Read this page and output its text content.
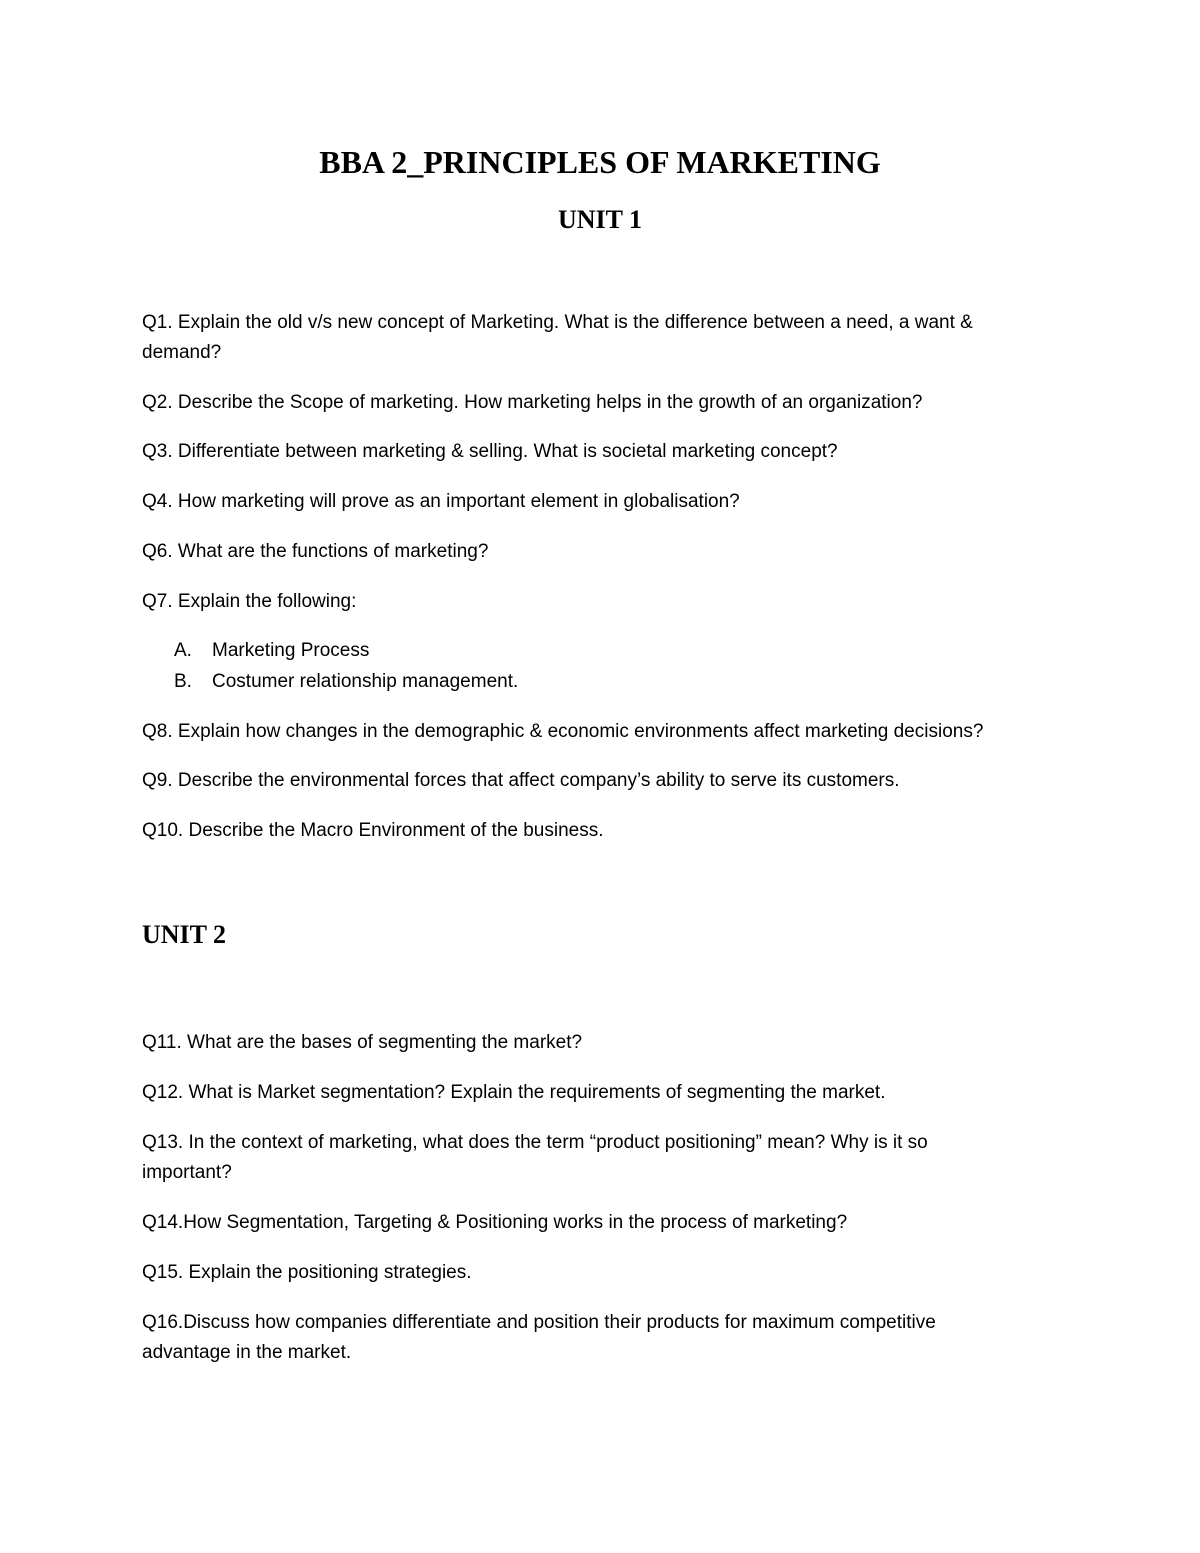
BBA 2_PRINCIPLES OF MARKETING
UNIT 1

Q1. Explain the old v/s new concept of Marketing. What is the difference between a need, a want & demand?

Q2. Describe the Scope of marketing. How marketing helps in the growth of an organization?

Q3. Differentiate between marketing & selling. What is societal marketing concept?

Q4. How marketing will prove as an important element in globalisation?

Q6. What are the functions of marketing?

Q7. Explain the following:

A. Marketing Process
B. Costumer relationship management.

Q8. Explain how changes in the demographic & economic environments affect marketing decisions?

Q9. Describe the environmental forces that affect company’s ability to serve its customers.

Q10. Describe the Macro Environment of the business.

UNIT 2

Q11. What are the bases of segmenting the market?

Q12. What is Market segmentation? Explain the requirements of segmenting the market.

Q13. In the context of marketing, what does the term “product positioning” mean? Why is it so important?

Q14.How Segmentation, Targeting & Positioning works in the process of marketing?

Q15. Explain the positioning strategies.

Q16.Discuss how companies differentiate and position their products for maximum competitive advantage in the market.
